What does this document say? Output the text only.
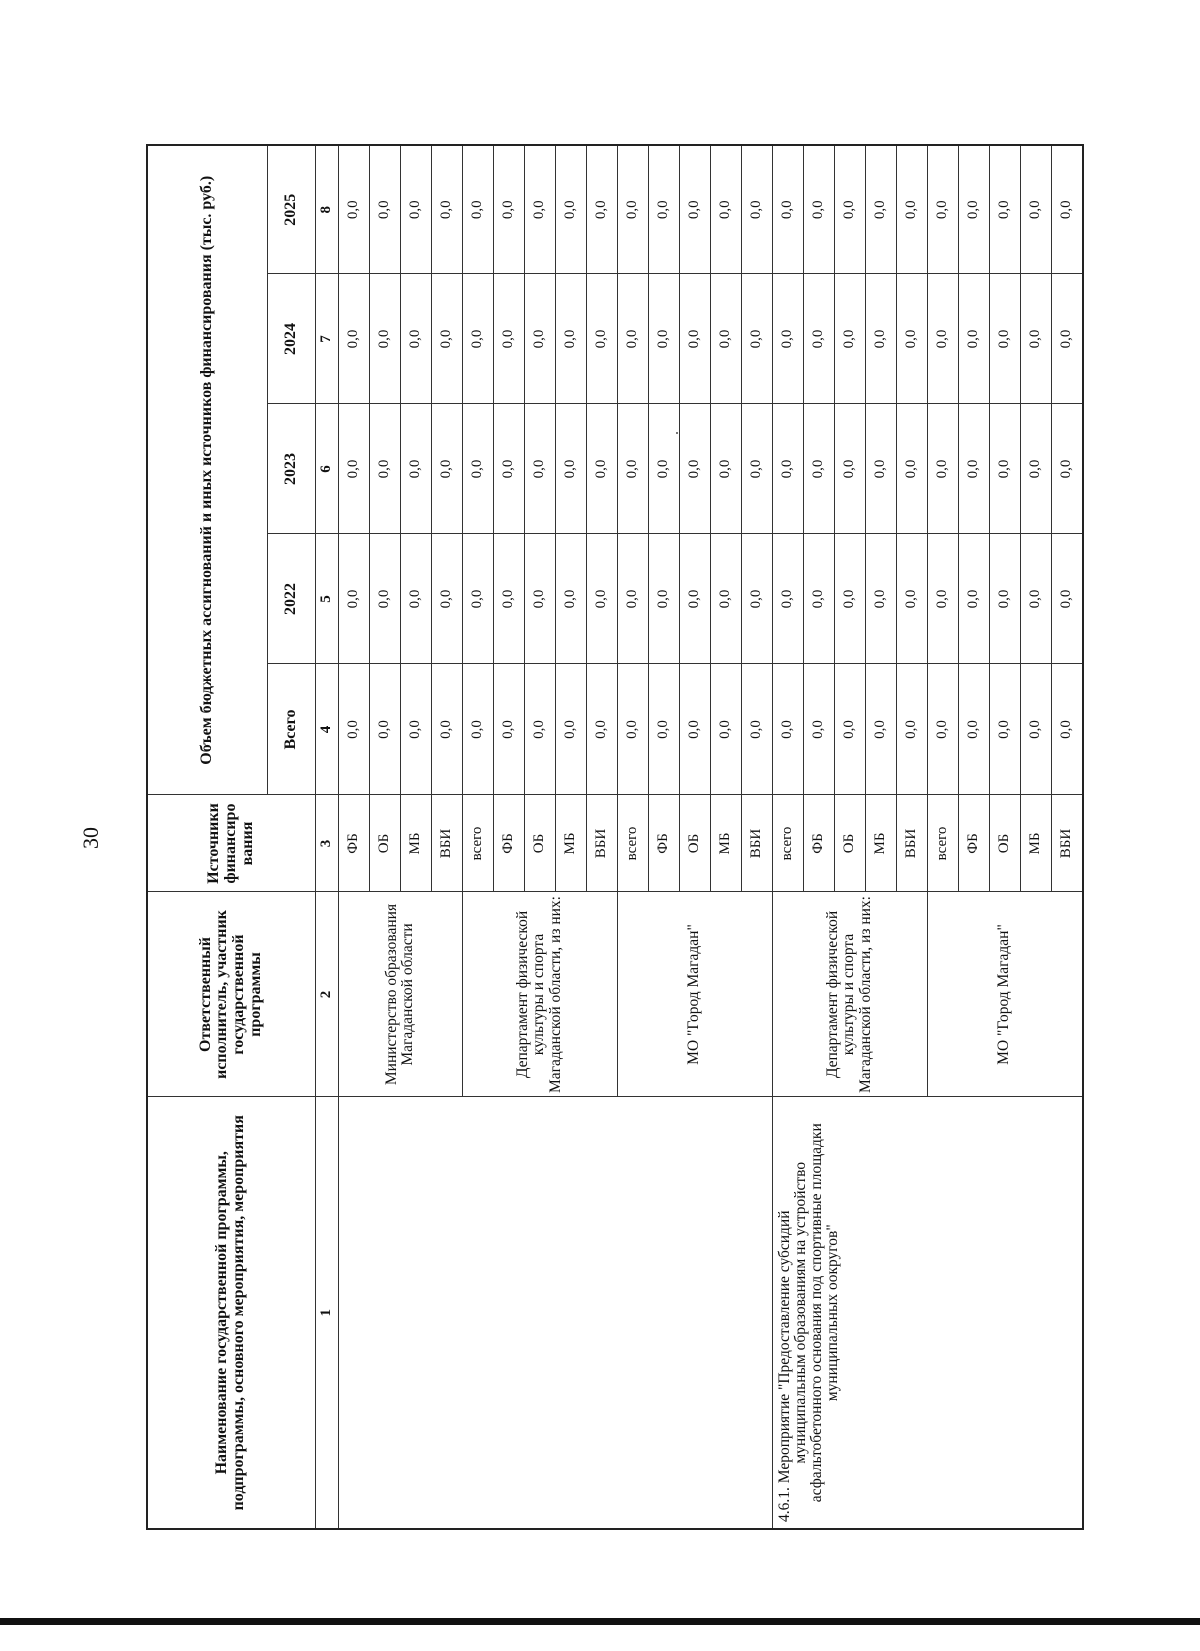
30
Наименование государственной программы, подпрограммы, основного мероприятия, мероприятия	Ответственный исполнитель, участник государственной программы	Источники финансиро вания	Объем бюджетных ассигнований и иных источников финансирования (тыс. руб.)				
			Всего	2022	2023	2024	2025
1	2	3	4	5	6	7	8
	Министерство образования Магаданской области	ФБ	0,0	0,0	0,0	0,0	0,0
		ОБ	0,0	0,0	0,0	0,0	0,0
		МБ	0,0	0,0	0,0	0,0	0,0
		ВБИ	0,0	0,0	0,0	0,0	0,0
	Департамент физической культуры и спорта Магаданской области, из них:	всего	0,0	0,0	0,0	0,0	0,0
		ФБ	0,0	0,0	0,0	0,0	0,0
		ОБ	0,0	0,0	0,0	0,0	0,0
		МБ	0,0	0,0	0,0	0,0	0,0
		ВБИ	0,0	0,0	0,0	0,0	0,0
	МО "Город Магадан"	всего	0,0	0,0	0,0	0,0	0,0
		ФБ	0,0	0,0	0,0	0,0	0,0
		ОБ	0,0	0,0	0,0	0,0	0,0
		МБ	0,0	0,0	0,0	0,0	0,0
		ВБИ	0,0	0,0	0,0	0,0	0,0

4.6.1. Мероприятие "Предоставление субсидий муниципальным образованиям на устройство асфальтобетонного основания под спортивные площадки муниципальных оокругов"	Департамент физической культуры и спорта Магаданской области, из них:	всего	0,0	0,0	0,0	0,0	0,0
		ФБ	0,0	0,0	0,0	0,0	0,0
		ОБ	0,0	0,0	0,0	0,0	0,0
		МБ	0,0	0,0	0,0	0,0	0,0
		ВБИ	0,0	0,0	0,0	0,0	0,0
	МО "Город Магадан"	всего	0,0	0,0	0,0	0,0	0,0
		ФБ	0,0	0,0	0,0	0,0	0,0
		ОБ	0,0	0,0	0,0	0,0	0,0
		МБ	0,0	0,0	0,0	0,0	0,0
		ВБИ	0,0	0,0	0,0	0,0	0,0
